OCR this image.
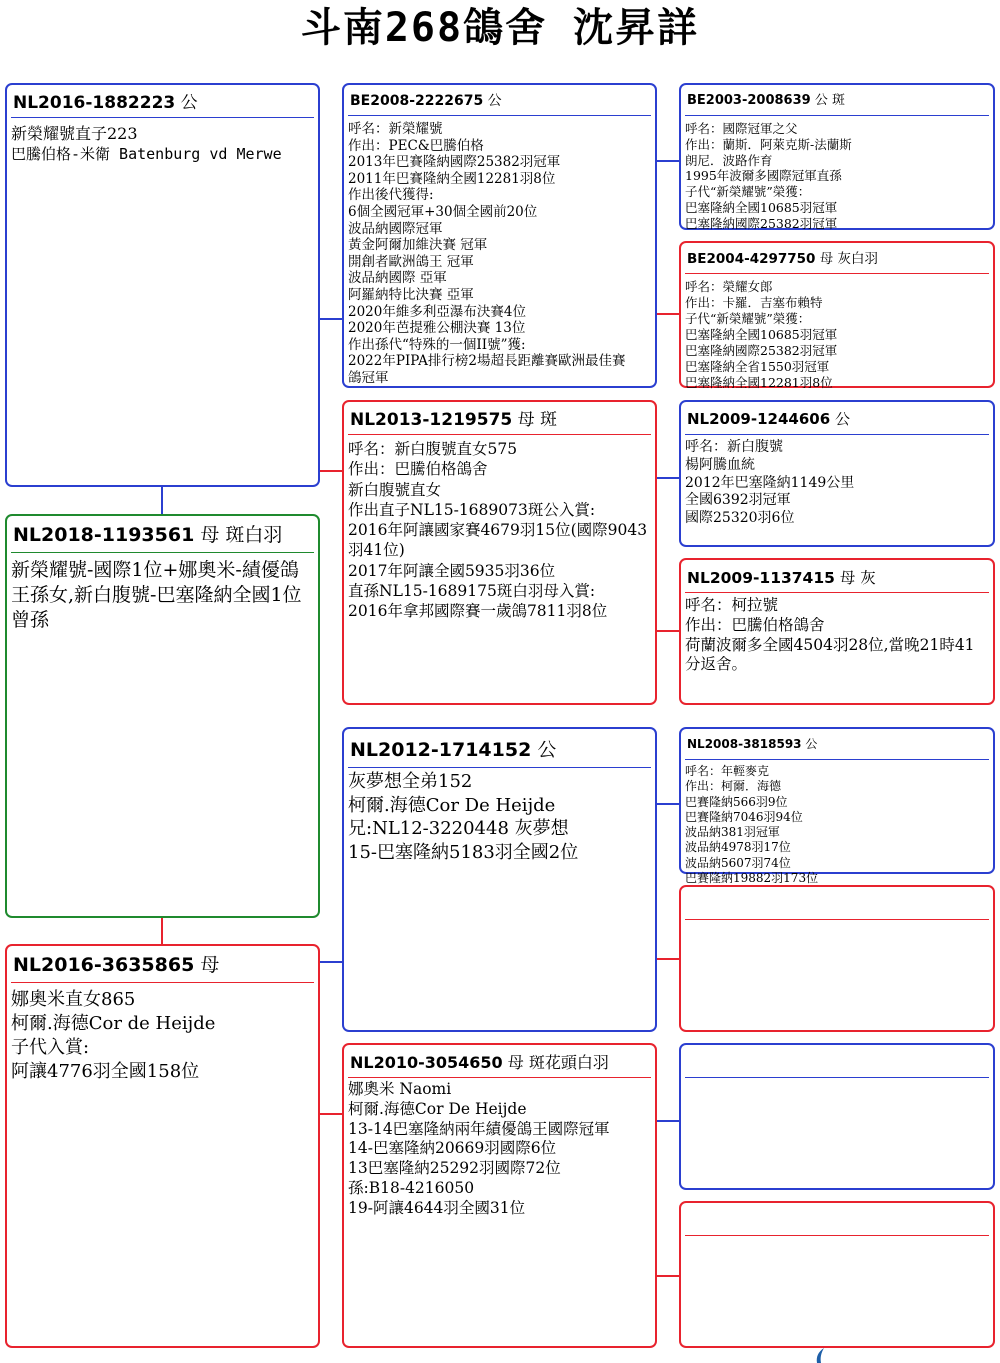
斗南268鴿舍 沈昇詳
NL2016-1882223 公
新榮耀號直子223
巴騰伯格-米衛 Batenburg vd Merwe
NL2018-1193561 母 斑白羽
新榮耀號-國際1位+娜奧米-績優鴿王孫女,新白腹號-巴塞隆納全國1位曾孫
NL2016-3635865 母
娜奧米直女865
柯爾.海德Cor de Heijde
子代入賞:
阿讓4776羽全國158位
BE2008-2222675 公
呼名：新榮耀號
作出：PEC&巴騰伯格
2013年巴賽隆納國際25382羽冠軍
2011年巴賽隆納全國12281羽8位
作出後代獲得:
6個全國冠軍+30個全國前20位
波品納國際冠軍
黃金阿爾加維決賽 冠軍
開創者歐洲鴿王 冠軍
波品納國際 亞軍
阿羅納特比決賽 亞軍
2020年維多利亞瀑布決賽4位
2020年芭提雅公棚決賽 13位
作出孫代“特殊的一個II號”獲:
2022年PIPA排行榜2場超長距離賽歐洲最佳賽
鴿冠軍
NL2013-1219575 母 斑
呼名：新白腹號直女575
作出：巴騰伯格鴿舍
新白腹號直女
作出直子NL15-1689073斑公入賞:
2016年阿讓國家賽4679羽15位(國際9043羽41位)
2017年阿讓全國5935羽36位
直孫NL15-1689175斑白羽母入賞:
2016年拿邦國際賽一歲鴿7811羽8位
NL2012-1714152 公
灰夢想全弟152
柯爾.海德Cor De Heijde
兄:NL12-3220448 灰夢想
15-巴塞隆納5183羽全國2位
NL2010-3054650 母 斑花頭白羽
娜奧米 Naomi
柯爾.海德Cor De Heijde
13-14巴塞隆納兩年績優鴿王國際冠軍
14-巴塞隆納20669羽國際6位
13巴塞隆納25292羽國際72位
孫:B18-4216050
19-阿讓4644羽全國31位
BE2003-2008639 公 斑
呼名：國際冠軍之父
作出：蘭斯．阿萊克斯-法蘭斯
朗尼．波路作育
1995年波爾多國際冠軍直孫
子代“新榮耀號”榮獲：
巴塞隆納全國10685羽冠軍
巴塞隆納國際25382羽冠軍
BE2004-4297750 母 灰白羽
呼名：榮耀女郎
作出：卡羅．吉塞布賴特
子代“新榮耀號”榮獲：
巴塞隆納全國10685羽冠軍
巴塞隆納國際25382羽冠軍
巴塞隆納全省1550羽冠軍
巴塞隆納全國12281羽8位
NL2009-1244606 公
呼名：新白腹號
楊阿騰血統
2012年巴塞隆納1149公里
全國6392羽冠軍
國際25320羽6位
NL2009-1137415 母 灰
呼名：柯拉號
作出：巴騰伯格鴿舍
荷蘭波爾多全國4504羽28位,當晚21時41分返舍。
NL2008-3818593 公
呼名：年輕麥克
作出：柯爾．海德
巴賽隆納566羽9位
巴賽隆納7046羽94位
波品納381羽冠軍
波品納4978羽17位
波品納5607羽74位
巴賽隆納19882羽173位
